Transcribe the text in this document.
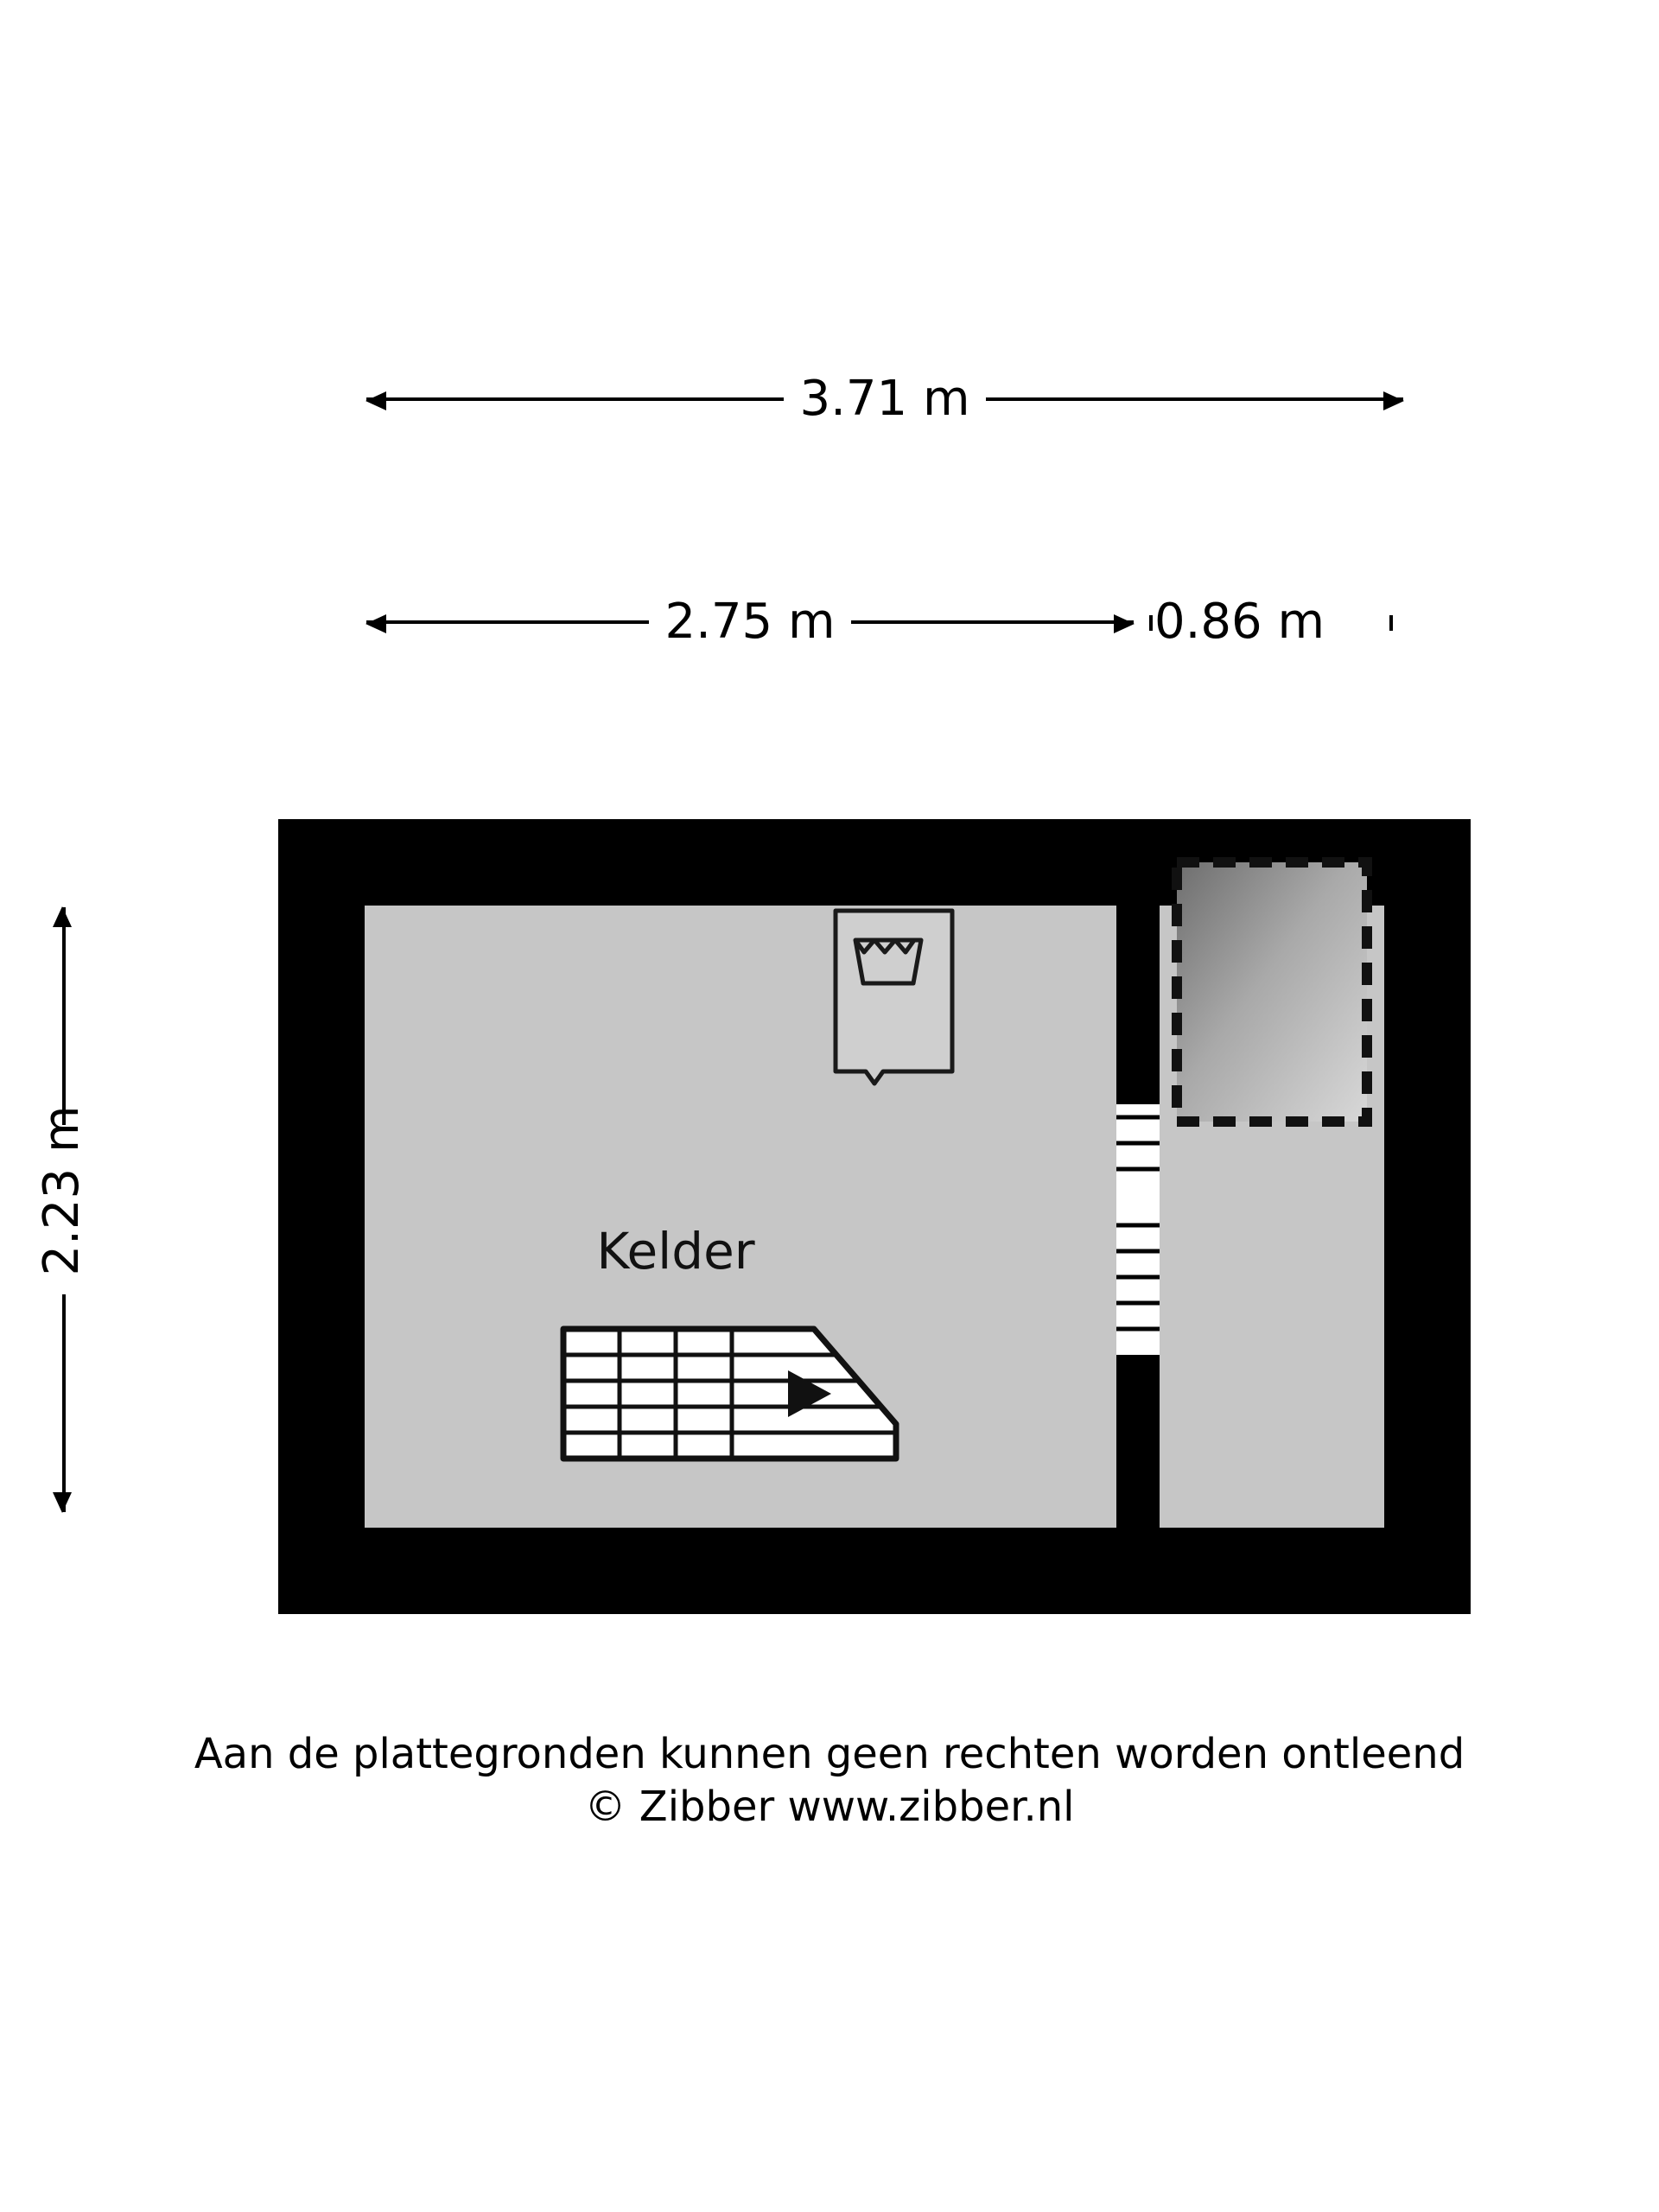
3.71 m
2.75 m	0.86 m
2.23 m	Kelder
Aan de plattegronden kunnen geen rechten worden ontleend
© Zibber www.zibber.nl
